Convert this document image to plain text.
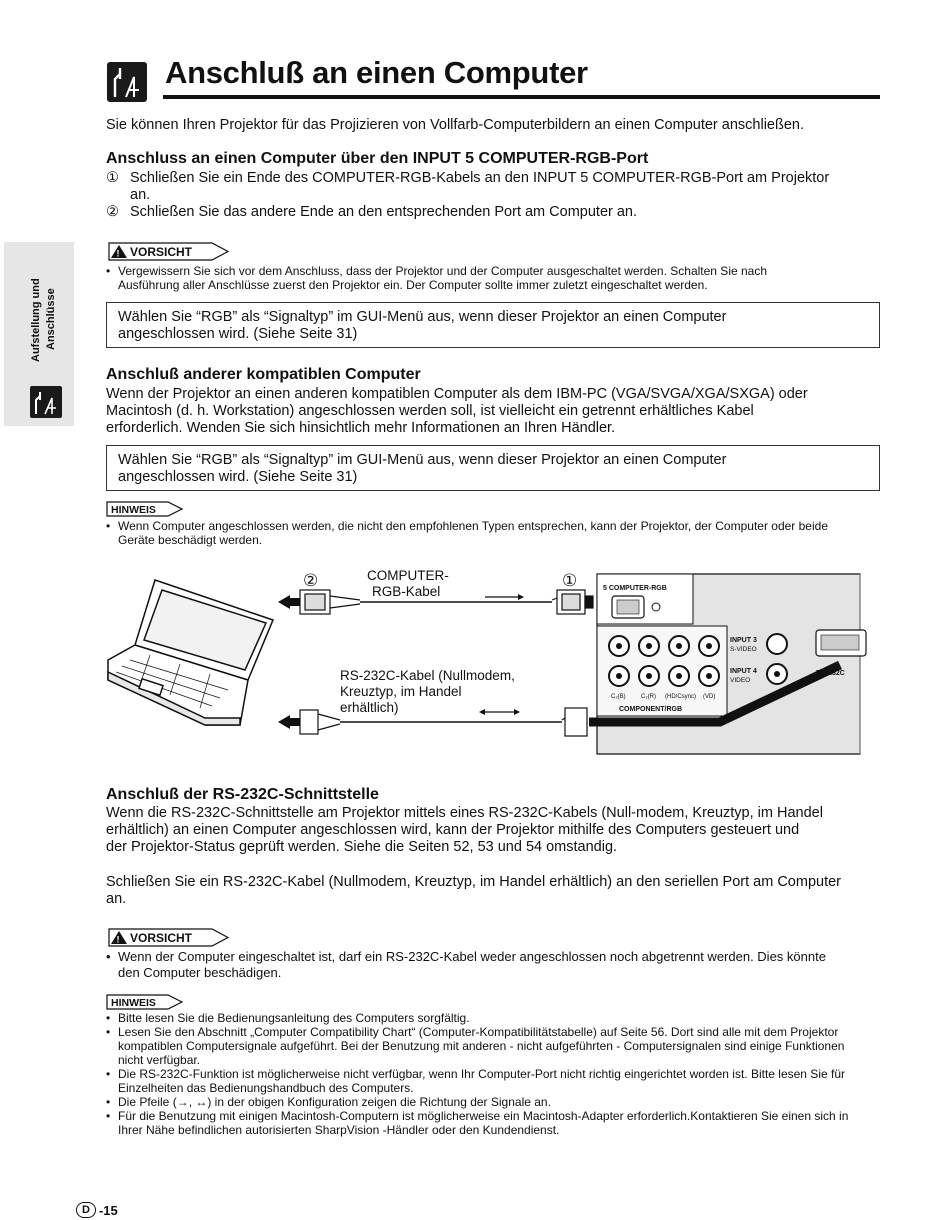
Aufstellung und Anschlüsse
Anschluß an einen Computer
Sie können Ihren Projektor für das Projizieren von Vollfarb-Computerbildern an einen Computer anschließen.
Anschluss an einen Computer über den INPUT 5 COMPUTER-RGB-Port
① Schließen Sie ein Ende des COMPUTER-RGB-Kabels an den INPUT 5 COMPUTER-RGB-Port am Projektor
an.
② Schließen Sie das andere Ende an den entsprechenden Port am Computer an.
! VORSICHT
• Vergewissern Sie sich vor dem Anschluss, dass der Projektor und der Computer ausgeschaltet werden. Schalten Sie nach
Ausführung aller Anschlüsse zuerst den Projektor ein. Der Computer sollte immer zuletzt eingeschaltet werden.
Wählen Sie “RGB” als “Signaltyp” im GUI-Menü aus, wenn dieser Projektor an einen Computer
angeschlossen wird. (Siehe Seite 31)
Anschluß anderer kompatiblen Computer
Wenn der Projektor an einen anderen kompatiblen Computer als dem IBM-PC (VGA/SVGA/XGA/SXGA) oder
Macintosh (d. h. Workstation) angeschlossen werden soll, ist vielleicht ein getrennt erhältliches Kabel
erforderlich. Wenden Sie sich hinsichtlich mehr Informationen an Ihren Händler.
Wählen Sie “RGB” als “Signaltyp” im GUI-Menü aus, wenn dieser Projektor an einen Computer
angeschlossen wird. (Siehe Seite 31)
HINWEIS
• Wenn Computer angeschlossen werden, die nicht den empfohlenen Typen entsprechen, kann der Projektor, der Computer oder beide
Geräte beschädigt werden.
②	①
COMPUTER-
RGB-Kabel
RS-232C-Kabel (Nullmodem,
Kreuztyp, im Handel
erhältlich)
5 COMPUTER-RGB
C₂(B)	C₂(R) (HD/Csync) (VD)
COMPONENT/RGB
INPUT 3
S-VIDEO
INPUT 4
VIDEO
RS-232C
Anschluß der RS-232C-Schnittstelle
Wenn die RS-232C-Schnittstelle am Projektor mittels eines RS-232C-Kabels (Null-modem, Kreuztyp, im Handel
erhältlich) an einen Computer angeschlossen wird, kann der Projektor mithilfe des Computers gesteuert und
der Projektor-Status geprüft werden. Siehe die Seiten 52, 53 und 54 omstandig.
Schließen Sie ein RS-232C-Kabel (Nullmodem, Kreuztyp, im Handel erhältlich) an den seriellen Port am Computer
an.
! VORSICHT
• Wenn der Computer eingeschaltet ist, darf ein RS-232C-Kabel weder angeschlossen noch abgetrennt werden. Dies könnte
den Computer beschädigen.
HINWEIS
• Bitte lesen Sie die Bedienungsanleitung des Computers sorgfältig.
• Lesen Sie den Abschnitt „Computer Compatibility Chart“ (Computer-Kompatibilitätstabelle) auf Seite 56. Dort sind alle mit dem Projektor
kompatiblen Computersignale aufgeführt. Bei der Benutzung mit anderen - nicht aufgeführten - Computersignalen sind einige Funktionen
nicht verfügbar.
• Die RS-232C-Funktion ist möglicherweise nicht verfügbar, wenn Ihr Computer-Port nicht richtig eingerichtet worden ist. Bitte lesen Sie für
Einzelheiten das Bedienungshandbuch des Computers.
• Die Pfeile (→, ↔) in der obigen Konfiguration zeigen die Richtung der Signale an.
• Für die Benutzung mit einigen Macintosh-Computern ist möglicherweise ein Macintosh-Adapter erforderlich.Kontaktieren Sie einen sich in
Ihrer Nähe befindlichen autorisierten SharpVision -Händler oder den Kundendienst.
D -15
